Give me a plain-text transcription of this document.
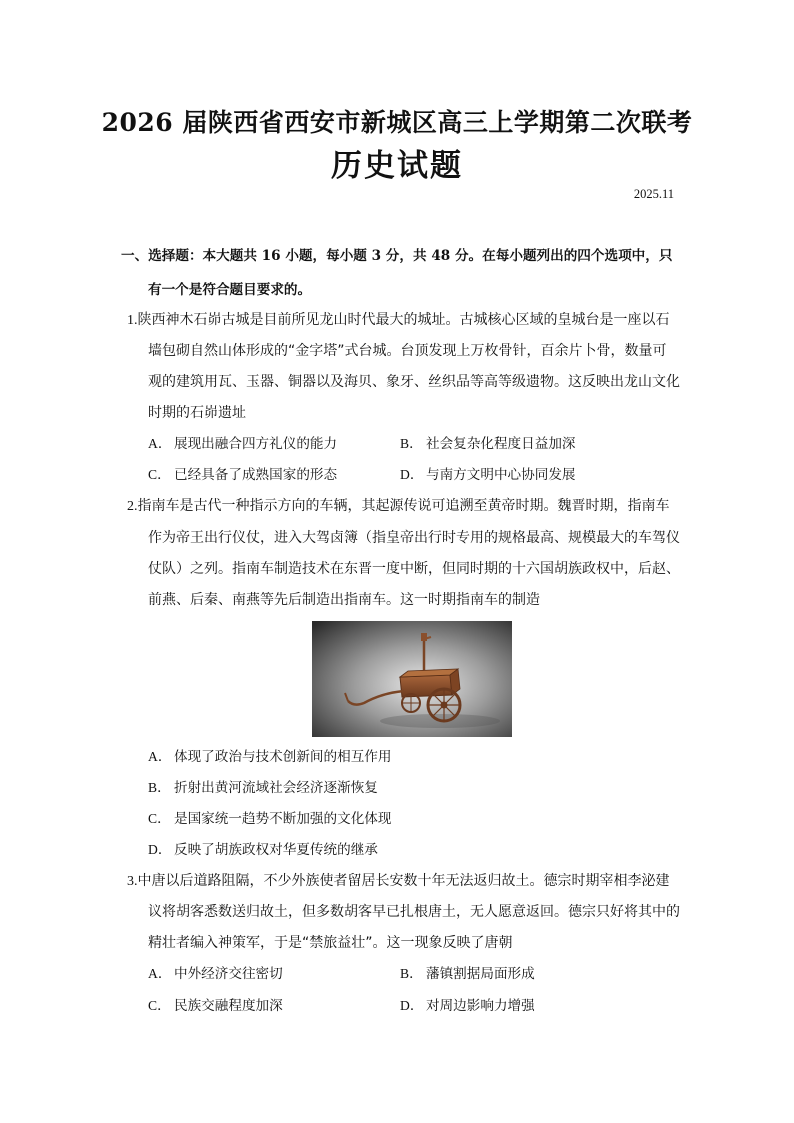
2026 届陕西省西安市新城区高三上学期第二次联考
历史试题
2025.11
一、选择题：本大题共 16 小题，每小题 3 分，共 48 分。在每小题列出的四个选项中，只
有一个是符合题目要求的。
1.陕西神木石峁古城是目前所见龙山时代最大的城址。古城核心区域的皇城台是一座以石
墙包砌自然山体形成的“金字塔”式台城。台顶发现上万枚骨针，百余片卜骨，数量可
观的建筑用瓦、玉器、铜器以及海贝、象牙、丝织品等高等级遗物。这反映出龙山文化
时期的石峁遗址
A． 展现出融合四方礼仪的能力	B． 社会复杂化程度日益加深
C． 已经具备了成熟国家的形态	D． 与南方文明中心协同发展
2.指南车是古代一种指示方向的车辆，其起源传说可追溯至黄帝时期。魏晋时期，指南车
作为帝王出行仪仗，进入大驾卤簿（指皇帝出行时专用的规格最高、规模最大的车驾仪
仗队）之列。指南车制造技术在东晋一度中断，但同时期的十六国胡族政权中，后赵、
前燕、后秦、南燕等先后制造出指南车。这一时期指南车的制造
A． 体现了政治与技术创新间的相互作用
B． 折射出黄河流域社会经济逐渐恢复
C． 是国家统一趋势不断加强的文化体现
D． 反映了胡族政权对华夏传统的继承
3.中唐以后道路阻隔，不少外族使者留居长安数十年无法返归故土。德宗时期宰相李泌建
议将胡客悉数送归故土，但多数胡客早已扎根唐土，无人愿意返回。德宗只好将其中的
精壮者编入神策军，于是“禁旅益壮”。这一现象反映了唐朝
A． 中外经济交往密切	B． 藩镇割据局面形成
C． 民族交融程度加深	D． 对周边影响力增强
